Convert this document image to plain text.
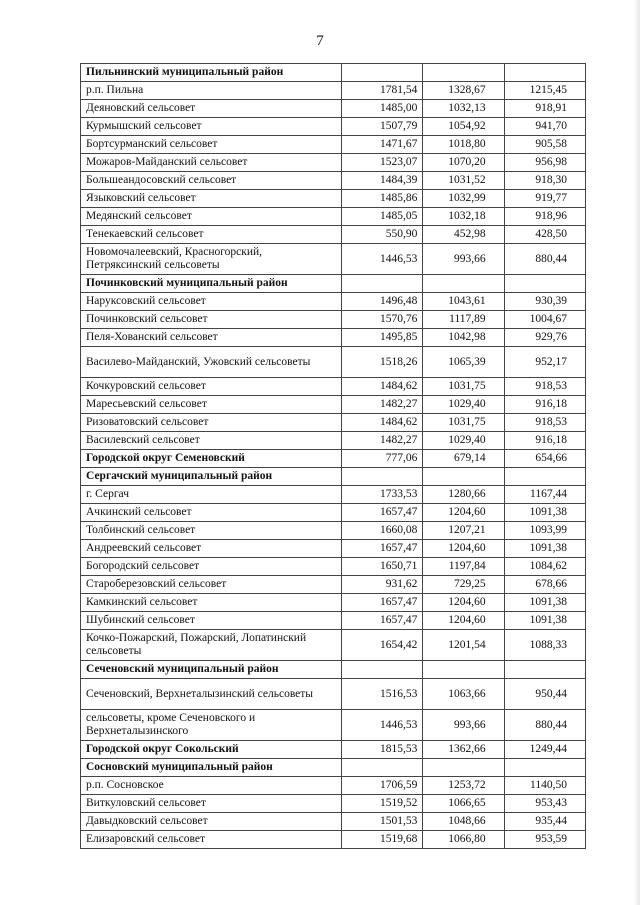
7
Пильнинский муниципальный район			
р.п. Пильна	1781,54	1328,67	1215,45
Деяновский сельсовет	1485,00	1032,13	918,91
Курмышский сельсовет	1507,79	1054,92	941,70
Бортсурманский сельсовет	1471,67	1018,80	905,58
Можаров-Майданский сельсовет	1523,07	1070,20	956,98
Большеандосовский сельсовет	1484,39	1031,52	918,30
Языковский сельсовет	1485,86	1032,99	919,77
Медянский сельсовет	1485,05	1032,18	918,96
Тенекаевский сельсовет	550,90	452,98	428,50
Новомочалеевский, Красногорский, Петряксинский сельсоветы	1446,53	993,66	880,44
Починковский муниципальный район			
Наруксовский сельсовет	1496,48	1043,61	930,39
Починковский сельсовет	1570,76	1117,89	1004,67
Пеля-Хованский сельсовет	1495,85	1042,98	929,76
Василево-Майданский, Ужовский сельсоветы	1518,26	1065,39	952,17
Кочкуровский сельсовет	1484,62	1031,75	918,53
Маресьевский сельсовет	1482,27	1029,40	916,18
Ризоватовский сельсовет	1484,62	1031,75	918,53
Василевский сельсовет	1482,27	1029,40	916,18
Городской округ Семеновский	777,06	679,14	654,66
Сергачский муниципальный район			
г. Сергач	1733,53	1280,66	1167,44
Ачкинский сельсовет	1657,47	1204,60	1091,38
Толбинский сельсовет	1660,08	1207,21	1093,99
Андреевский сельсовет	1657,47	1204,60	1091,38
Богородский сельсовет	1650,71	1197,84	1084,62
Староберезовский сельсовет	931,62	729,25	678,66
Камкинский сельсовет	1657,47	1204,60	1091,38
Шубинский сельсовет	1657,47	1204,60	1091,38
Кочко-Пожарский, Пожарский, Лопатинский сельсоветы	1654,42	1201,54	1088,33
Сеченовский муниципальный район			
Сеченовский, Верхнеталызинский сельсоветы	1516,53	1063,66	950,44
сельсоветы, кроме Сеченовского и Верхнеталызинского	1446,53	993,66	880,44
Городской округ Сокольский	1815,53	1362,66	1249,44
Сосновский муниципальный район			
р.п. Сосновское	1706,59	1253,72	1140,50
Виткуловский сельсовет	1519,52	1066,65	953,43
Давыдковский сельсовет	1501,53	1048,66	935,44
Елизаровский сельсовет	1519,68	1066,80	953,59
